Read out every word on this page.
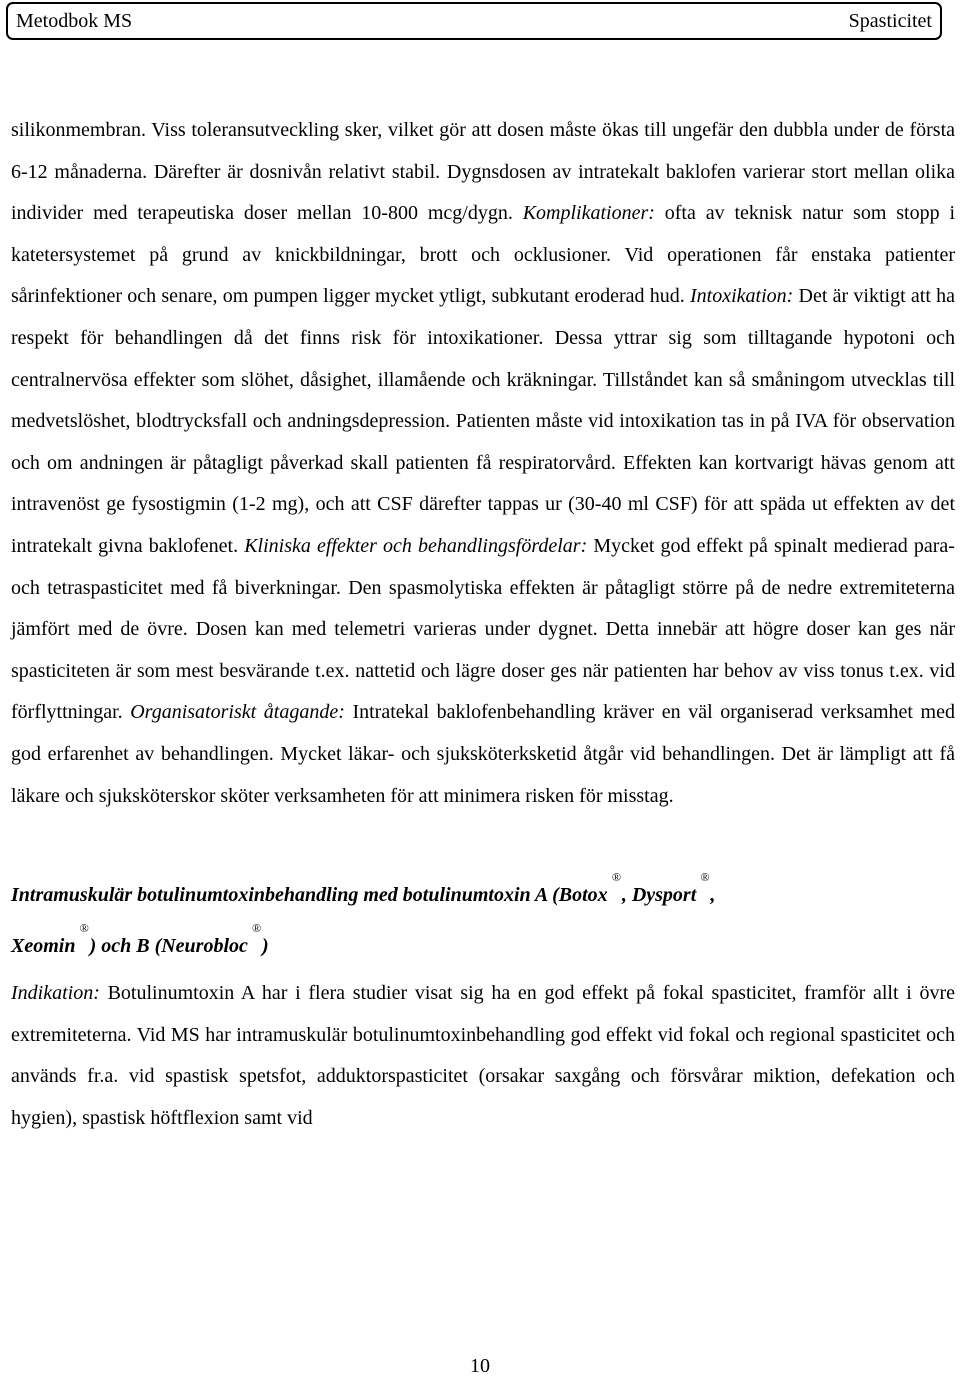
Metodbok MS	Spasticitet

silikonmembran. Viss toleransutveckling sker, vilket gör att dosen måste ökas till ungefär den dubbla under de första 6-12 månaderna. Därefter är dosnivån relativt stabil. Dygnsdosen av intratekalt baklofen varierar stort mellan olika individer med terapeutiska doser mellan 10-800 mcg/dygn. Komplikationer: ofta av teknisk natur som stopp i katetersystemet på grund av knickbildningar, brott och ocklusioner. Vid operationen får enstaka patienter sårinfektioner och senare, om pumpen ligger mycket ytligt, subkutant eroderad hud. Intoxikation: Det är viktigt att ha respekt för behandlingen då det finns risk för intoxikationer. Dessa yttrar sig som tilltagande hypotoni och centralnervösa effekter som slöhet, dåsighet, illamående och kräkningar. Tillståndet kan så småningom utvecklas till medvetslöshet, blodtrycksfall och andningsdepression. Patienten måste vid intoxikation tas in på IVA för observation och om andningen är påtagligt påverkad skall patienten få respiratorvård. Effekten kan kortvarigt hävas genom att intravenöst ge fysostigmin (1-2 mg), och att CSF därefter tappas ur (30-40 ml CSF) för att späda ut effekten av det intratekalt givna baklofenet. Kliniska effekter och behandlingsfördelar: Mycket god effekt på spinalt medierad para- och tetraspasticitet med få biverkningar. Den spasmolytiska effekten är påtagligt större på de nedre extremiteterna jämfört med de övre. Dosen kan med telemetri varieras under dygnet. Detta innebär att högre doser kan ges när spasticiteten är som mest besvärande t.ex. nattetid och lägre doser ges när patienten har behov av viss tonus t.ex. vid förflyttningar. Organisatoriskt åtagande: Intratekal baklofenbehandling kräver en väl organiserad verksamhet med god erfarenhet av behandlingen. Mycket läkar- och sjuksköterksketid åtgår vid behandlingen. Det är lämpligt att få läkare och sjuksköterskor sköter verksamheten för att minimera risken för misstag.

Intramuskulär botulinumtoxinbehandling med botulinumtoxin A (Botox®, Dysport®,
Xeomin®) och B (Neurobloc®)

Indikation: Botulinumtoxin A har i flera studier visat sig ha en god effekt på fokal spasticitet, framför allt i övre extremiteterna. Vid MS har intramuskulär botulinumtoxinbehandling god effekt vid fokal och regional spasticitet och används fr.a. vid spastisk spetsfot, adduktorspasticitet (orsakar saxgång och försvårar miktion, defekation och hygien), spastisk höftflexion samt vid

10
